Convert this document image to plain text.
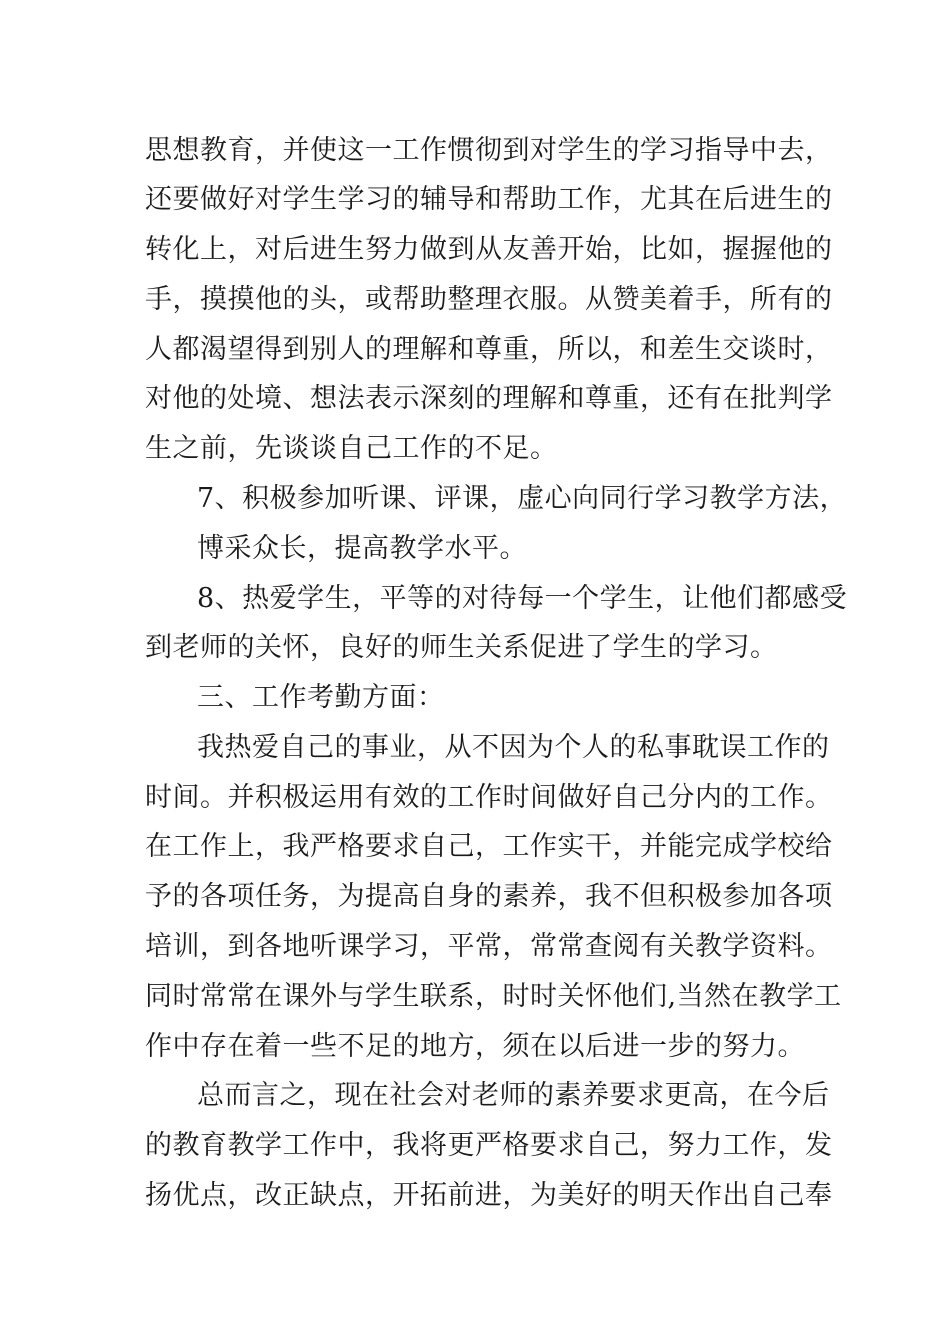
思想教育，并使这一工作惯彻到对学生的学习指导中去，
还要做好对学生学习的辅导和帮助工作，尤其在后进生的
转化上，对后进生努力做到从友善开始，比如，握握他的
手，摸摸他的头，或帮助整理衣服。从赞美着手，所有的
人都渴望得到别人的理解和尊重，所以，和差生交谈时，
对他的处境、想法表示深刻的理解和尊重，还有在批判学
生之前，先谈谈自己工作的不足。
7、积极参加听课、评课，虚心向同行学习教学方法，
博采众长，提高教学水平。
8、热爱学生，平等的对待每一个学生，让他们都感受
到老师的关怀，良好的师生关系促进了学生的学习。
三、工作考勤方面：
我热爱自己的事业，从不因为个人的私事耽误工作的
时间。并积极运用有效的工作时间做好自己分内的工作。
在工作上，我严格要求自己，工作实干，并能完成学校给
予的各项任务，为提高自身的素养，我不但积极参加各项
培训，到各地听课学习，平常，常常查阅有关教学资料。
同时常常在课外与学生联系，时时关怀他们,当然在教学工
作中存在着一些不足的地方，须在以后进一步的努力。
总而言之，现在社会对老师的素养要求更高，在今后
的教育教学工作中，我将更严格要求自己，努力工作，发
扬优点，改正缺点，开拓前进，为美好的明天作出自己奉
